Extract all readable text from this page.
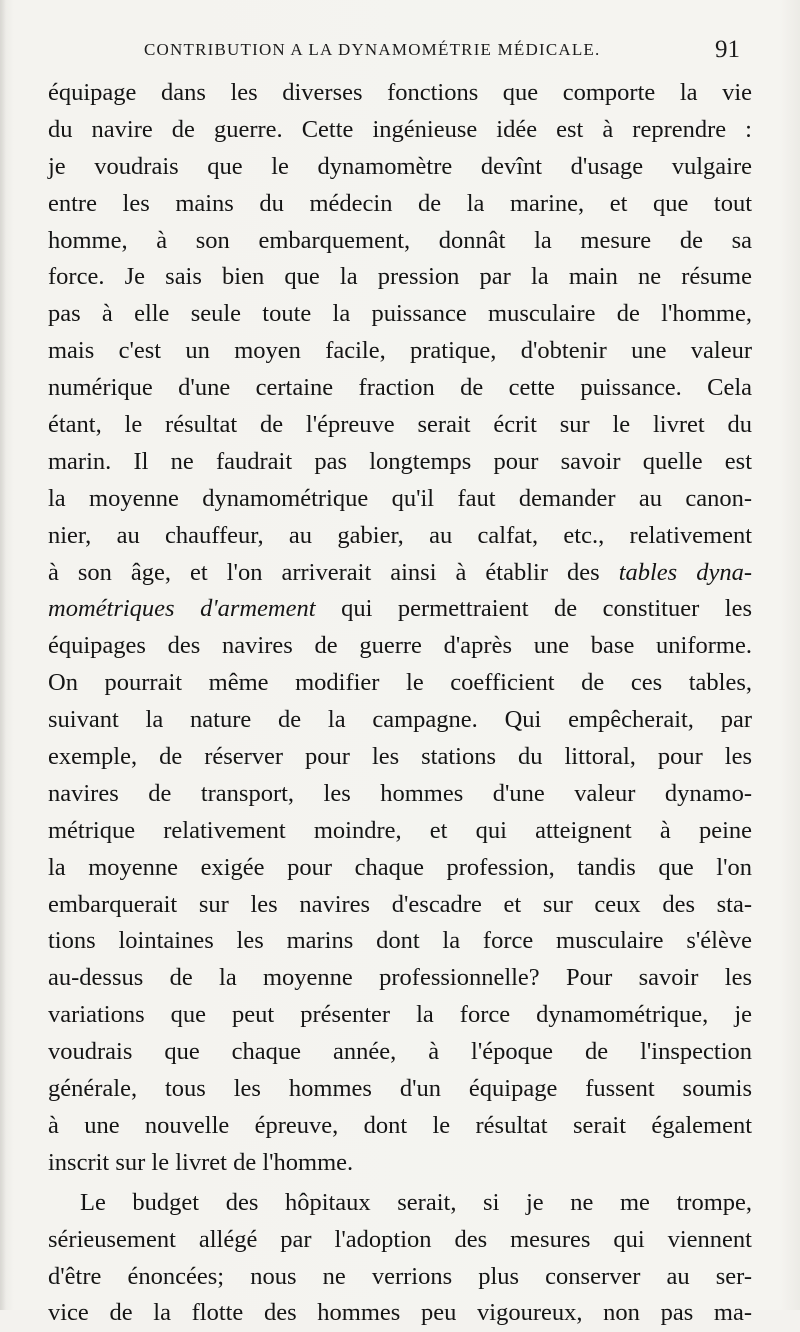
CONTRIBUTION A LA DYNAMOMÉTRIE MÉDICALE.	91
équipage dans les diverses fonctions que comporte la vie
du navire de guerre. Cette ingénieuse idée est à reprendre :
je voudrais que le dynamomètre devînt d'usage vulgaire
entre les mains du médecin de la marine, et que tout
homme, à son embarquement, donnât la mesure de sa
force. Je sais bien que la pression par la main ne résume
pas à elle seule toute la puissance musculaire de l'homme,
mais c'est un moyen facile, pratique, d'obtenir une valeur
numérique d'une certaine fraction de cette puissance. Cela
étant, le résultat de l'épreuve serait écrit sur le livret du
marin. Il ne faudrait pas longtemps pour savoir quelle est
la moyenne dynamométrique qu'il faut demander au canon-
nier, au chauffeur, au gabier, au calfat, etc., relativement
à son âge, et l'on arriverait ainsi à établir des tables dyna-
mométriques d'armement qui permettraient de constituer les
équipages des navires de guerre d'après une base uniforme.
On pourrait même modifier le coefficient de ces tables,
suivant la nature de la campagne. Qui empêcherait, par
exemple, de réserver pour les stations du littoral, pour les
navires de transport, les hommes d'une valeur dynamo-
métrique relativement moindre, et qui atteignent à peine
la moyenne exigée pour chaque profession, tandis que l'on
embarquerait sur les navires d'escadre et sur ceux des sta-
tions lointaines les marins dont la force musculaire s'élève
au-dessus de la moyenne professionnelle? Pour savoir les
variations que peut présenter la force dynamométrique, je
voudrais que chaque année, à l'époque de l'inspection
générale, tous les hommes d'un équipage fussent soumis
à une nouvelle épreuve, dont le résultat serait également
inscrit sur le livret de l'homme.
Le budget des hôpitaux serait, si je ne me trompe,
sérieusement allégé par l'adoption des mesures qui viennent
d'être énoncées; nous ne verrions plus conserver au ser-
vice de la flotte des hommes peu vigoureux, non pas ma-
